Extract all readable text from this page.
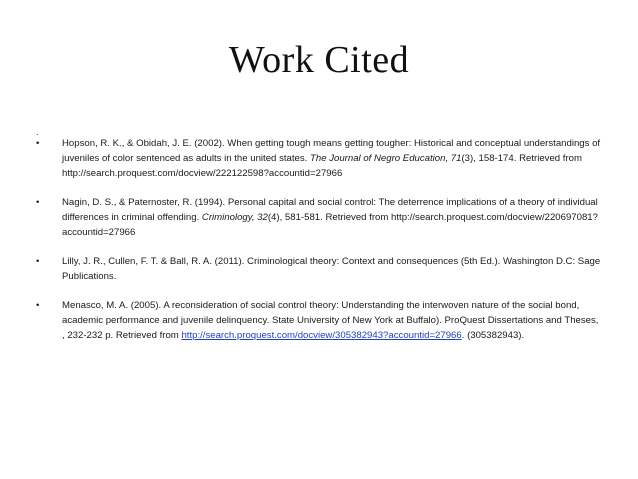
Work Cited
.
• Hopson, R. K., & Obidah, J. E. (2002). When getting tough means getting tougher: Historical and conceptual understandings of juveniles of color sentenced as adults in the united states. The Journal of Negro Education, 71(3), 158-174. Retrieved from http://search.proquest.com/docview/222122598?accountid=27966
• Nagin, D. S., & Paternoster, R. (1994). Personal capital and social control: The deterrence implications of a theory of individual differences in criminal offending. Criminology, 32(4), 581-581. Retrieved from http://search.proquest.com/docview/220697081?accountid=27966
• Lilly, J. R., Cullen, F. T. & Ball, R. A. (2011). Criminological theory: Context and consequences (5th Ed.). Washington D.C: Sage Publications.
• Menasco, M. A. (2005). A reconsideration of social control theory: Understanding the interwoven nature of the social bond, academic performance and juvenile delinquency. State University of New York at Buffalo). ProQuest Dissertations and Theses, , 232-232 p. Retrieved from http://search.proquest.com/docview/305382943?accountid=27966. (305382943).
